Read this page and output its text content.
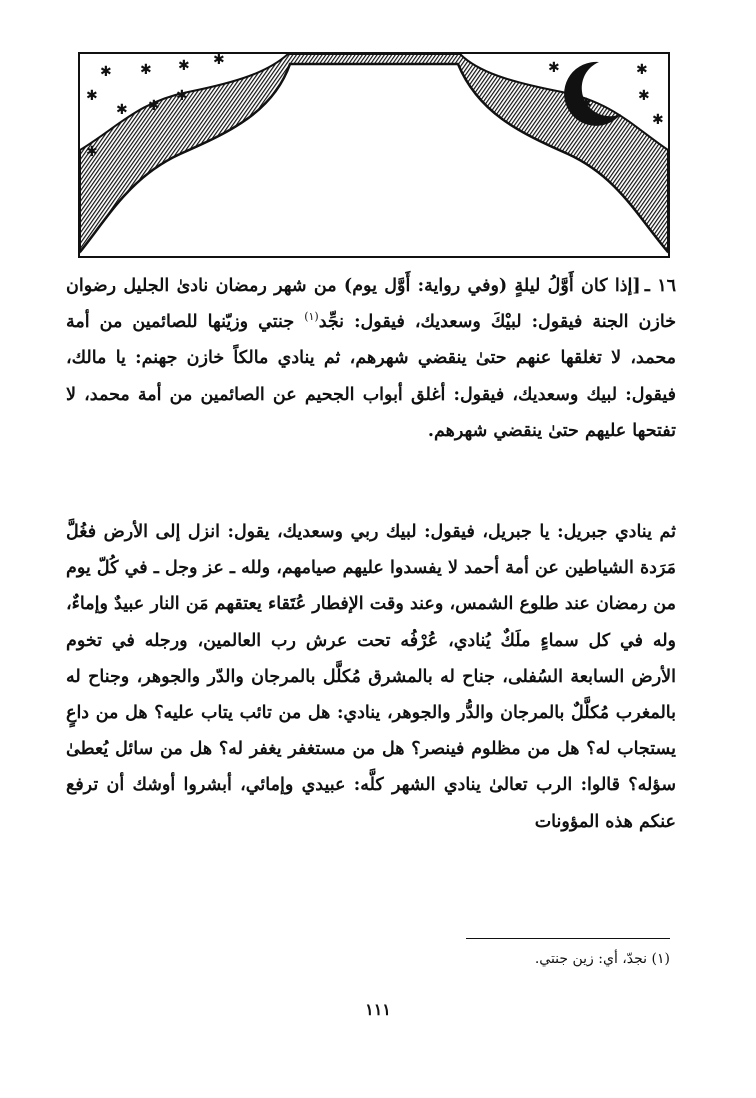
✱ ✱ ✱ ✱
✱	✱
✱
✱
✱
✱
✱
✱
✱
✱
١٦ ـ[إذا كان أَوَّلُ ليلةٍ (وفي رواية: أَوَّل يوم) من شهر رمضان نادىٰ الجليل رضوان خازن الجنة فيقول: لبيْكَ وسعديك، فيقول: نجِّد$^{(١)}$ جنتي وزيّنها للصائمين من أمة محمد، لا تغلقها عنهم حتىٰ ينقضي شهرهم، ثم ينادي مالكاً خازن جهنم: يا مالك، فيقول: لبيك وسعديك، فيقول: أغلق أبواب الجحيم عن الصائمين من أمة محمد، لا تفتحها عليهم حتىٰ ينقضي شهرهم.
ثم ينادي جبريل: يا جبريل، فيقول: لبيك ربي وسعديك، يقول: انزل إلى الأرض فغُلَّ مَرَدة الشياطين عن أمة أحمد لا يفسدوا عليهم صيامهم، ولله ـ عز وجل ـ في كُلّ يوم من رمضان عند طلوع الشمس، وعند وقت الإفطار عُتَقاء يعتقهم مَن النار عبيدٌ وإماءٌ، وله في كل سماءٍ ملَكٌ يُنادي، عُرْفُه تحت عرش رب العالمين، ورجله في تخوم الأرض السابعة السُفلى، جناح له بالمشرق مُكلَّل بالمرجان والدّر والجوهر، وجناح له بالمغرب مُكلَّلٌ بالمرجان والدُّر والجوهر، ينادي: هل من تائب يتاب عليه؟ هل من داعٍ يستجاب له؟ هل من مظلوم فينصر؟ هل من مستغفر يغفر له؟ هل من سائل يُعطىٰ سؤله؟ قالوا: الرب تعالىٰ ينادي الشهر كلَّه: عبيدي وإمائي، أبشروا أوشك أن ترفع عنكم هذه المؤونات
(١) نجدّ، أي: زين جنتي.
١١١
